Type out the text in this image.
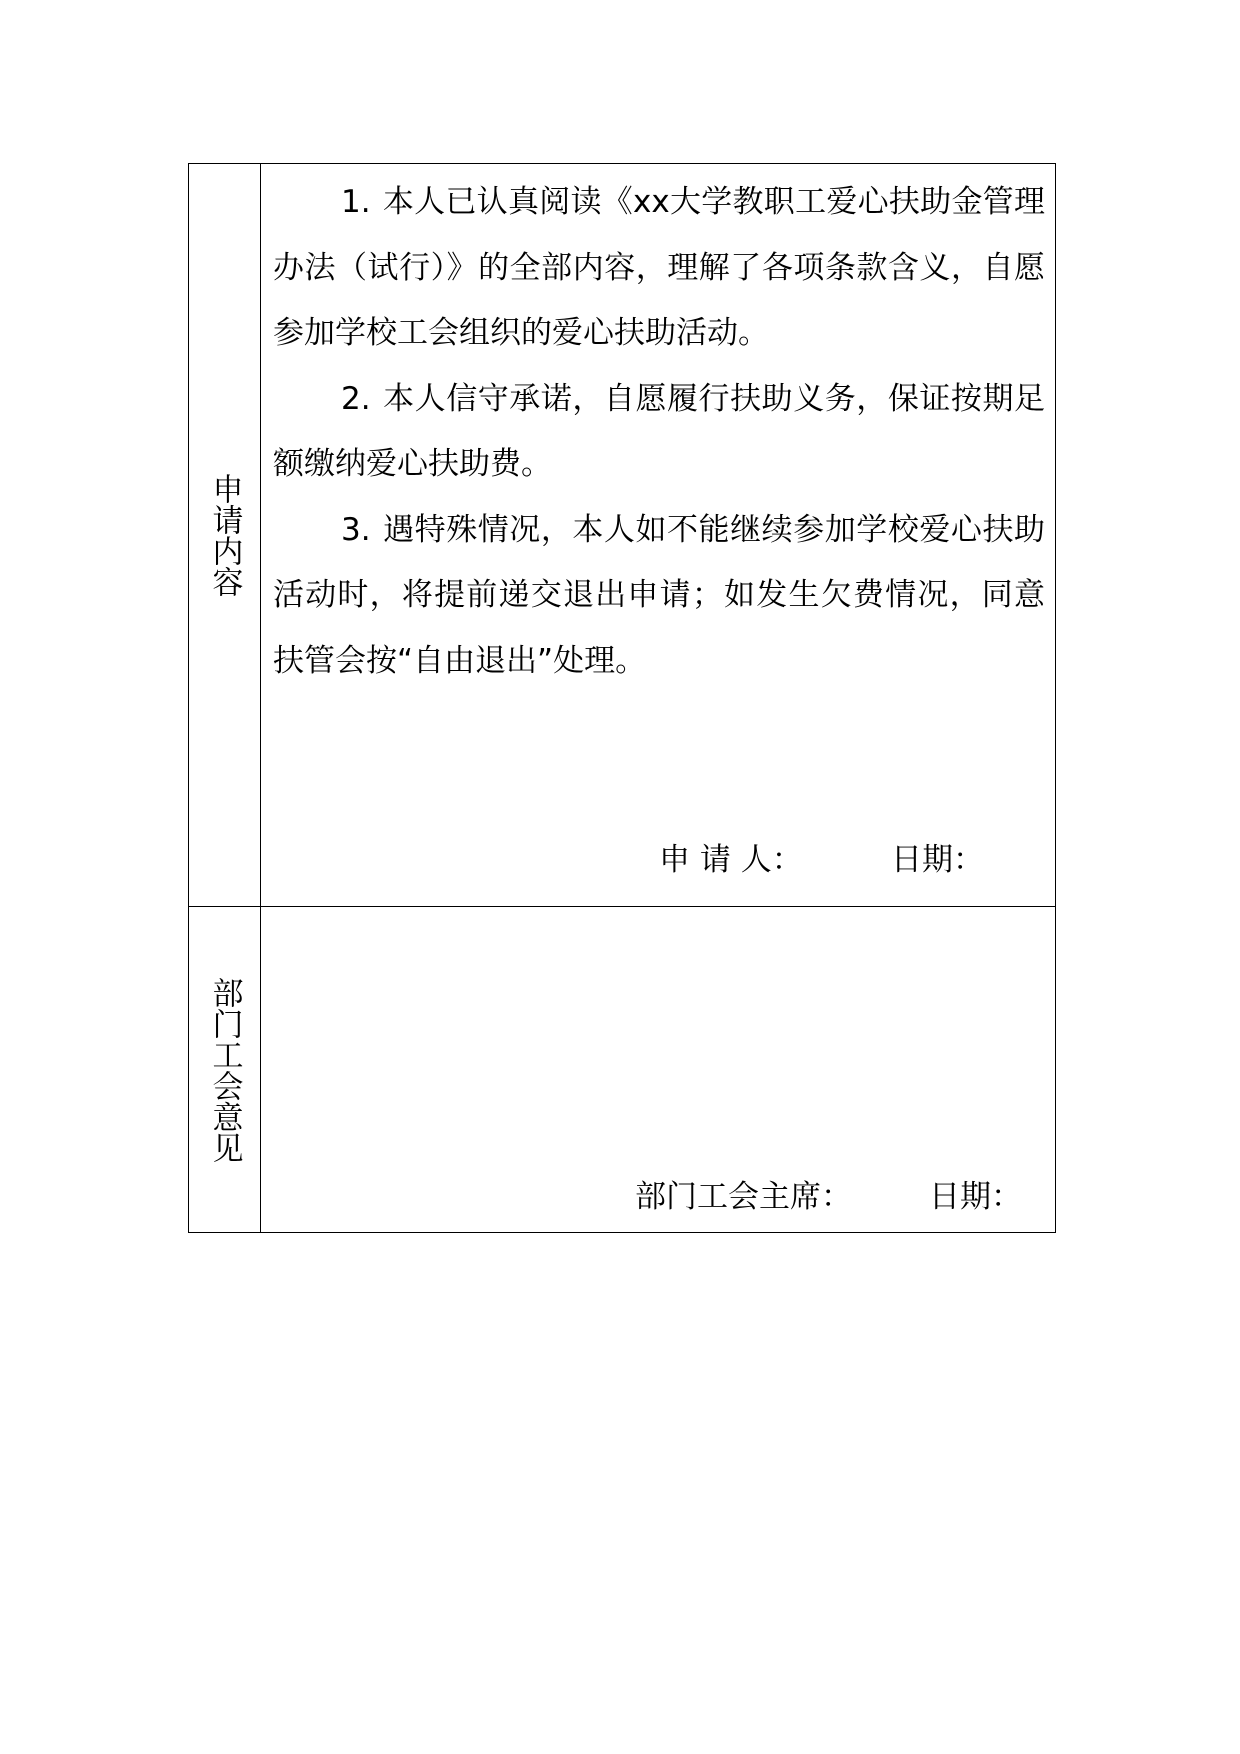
申请内容	1. 本人已认真阅读《xx大学教职工爱心扶助金管理办法（试行）》的全部内容，理解了各项条款含义，自愿参加学校工会组织的爱心扶助活动。

2. 本人信守承诺，自愿履行扶助义务，保证按期足额缴纳爱心扶助费。

3. 遇特殊情况，本人如不能继续参加学校爱心扶助活动时，将提前递交退出申请；如发生欠费情况，同意扶管会按“自由退出”处理。

申 请 人： 日期：

部门工会意见	部门工会主席： 日期：
